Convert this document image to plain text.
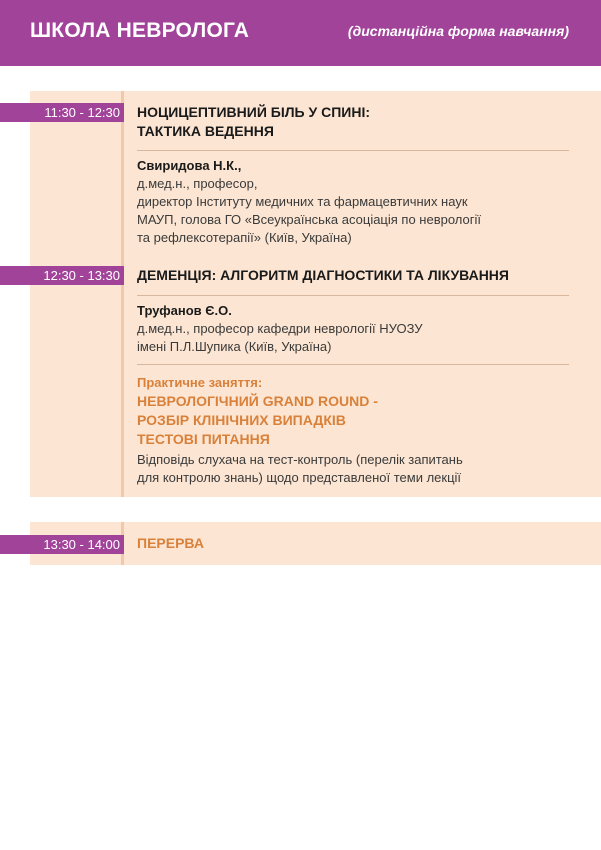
ШКОЛА НЕВРОЛОГА	(дистанційна форма навчання)
11:30 - 12:30 НОЦИЦЕПТИВНИЙ БІЛЬ У СПИНІ:
ТАКТИКА ВЕДЕННЯ
Свиридова Н.К.,
д.мед.н., професор,
директор Інституту медичних та фармацевтичних наук
МАУП, голова ГО «Всеукраїнська асоціація по неврології
та рефлексотерапії» (Київ, Україна)
12:30 - 13:30 ДЕМЕНЦІЯ: АЛГОРИТМ ДІАГНОСТИКИ ТА ЛІКУВАННЯ
Труфанов Є.О.
д.мед.н., професор кафедри неврології НУОЗУ
імені П.Л.Шупика (Київ, Україна)
Практичне заняття:
НЕВРОЛОГІЧНИЙ GRAND ROUND -
РОЗБІР КЛІНІЧНИХ ВИПАДКІВ
ТЕСТОВІ ПИТАННЯ
Відповідь слухача на тест-контроль (перелік запитань
для контролю знань) щодо представленої теми лекції
13:30 - 14:00 ПЕРЕРВА
